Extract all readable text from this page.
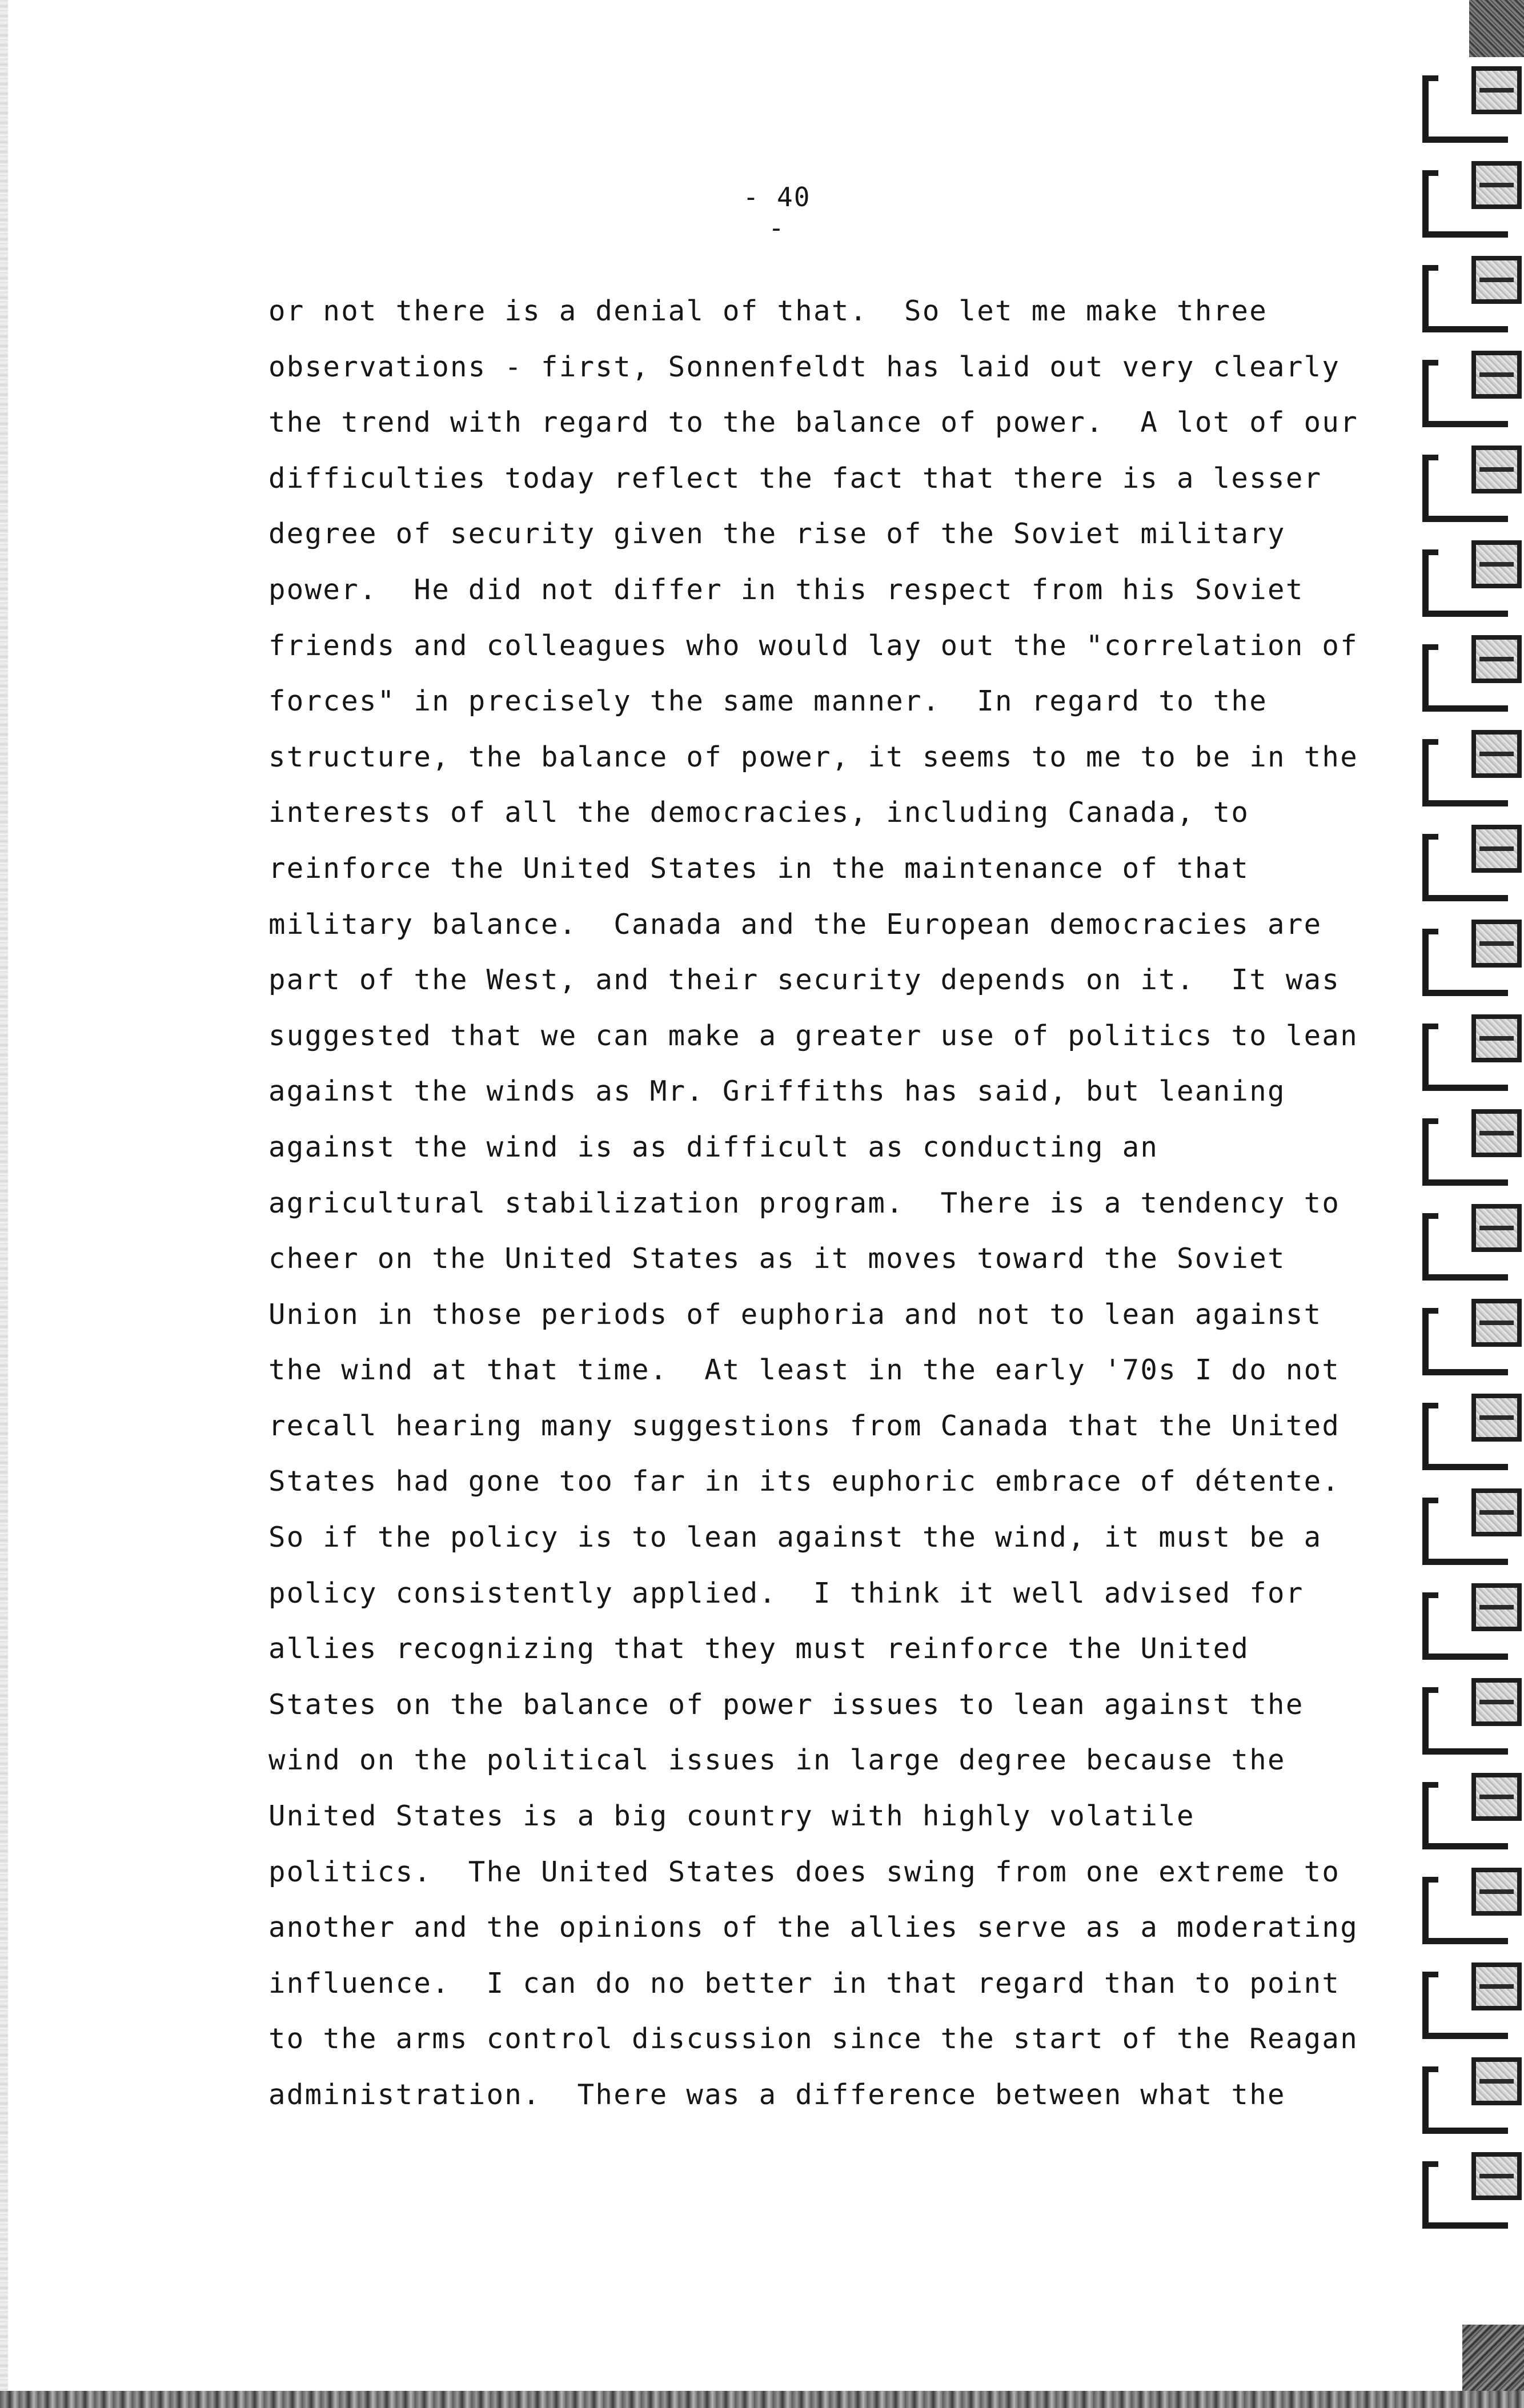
- 40 -
or not there is a denial of that.  So let me make three
observations - first, Sonnenfeldt has laid out very clearly
the trend with regard to the balance of power.  A lot of our
difficulties today reflect the fact that there is a lesser
degree of security given the rise of the Soviet military
power.  He did not differ in this respect from his Soviet
friends and colleagues who would lay out the "correlation of
forces" in precisely the same manner.  In regard to the
structure, the balance of power, it seems to me to be in the
interests of all the democracies, including Canada, to
reinforce the United States in the maintenance of that
military balance.  Canada and the European democracies are
part of the West, and their security depends on it.  It was
suggested that we can make a greater use of politics to lean
against the winds as Mr. Griffiths has said, but leaning
against the wind is as difficult as conducting an
agricultural stabilization program.  There is a tendency to
cheer on the United States as it moves toward the Soviet
Union in those periods of euphoria and not to lean against
the wind at that time.  At least in the early '70s I do not
recall hearing many suggestions from Canada that the United
States had gone too far in its euphoric embrace of détente.
So if the policy is to lean against the wind, it must be a
policy consistently applied.  I think it well advised for
allies recognizing that they must reinforce the United
States on the balance of power issues to lean against the
wind on the political issues in large degree because the
United States is a big country with highly volatile
politics.  The United States does swing from one extreme to
another and the opinions of the allies serve as a moderating
influence.  I can do no better in that regard than to point
to the arms control discussion since the start of the Reagan
administration.  There was a difference between what the
